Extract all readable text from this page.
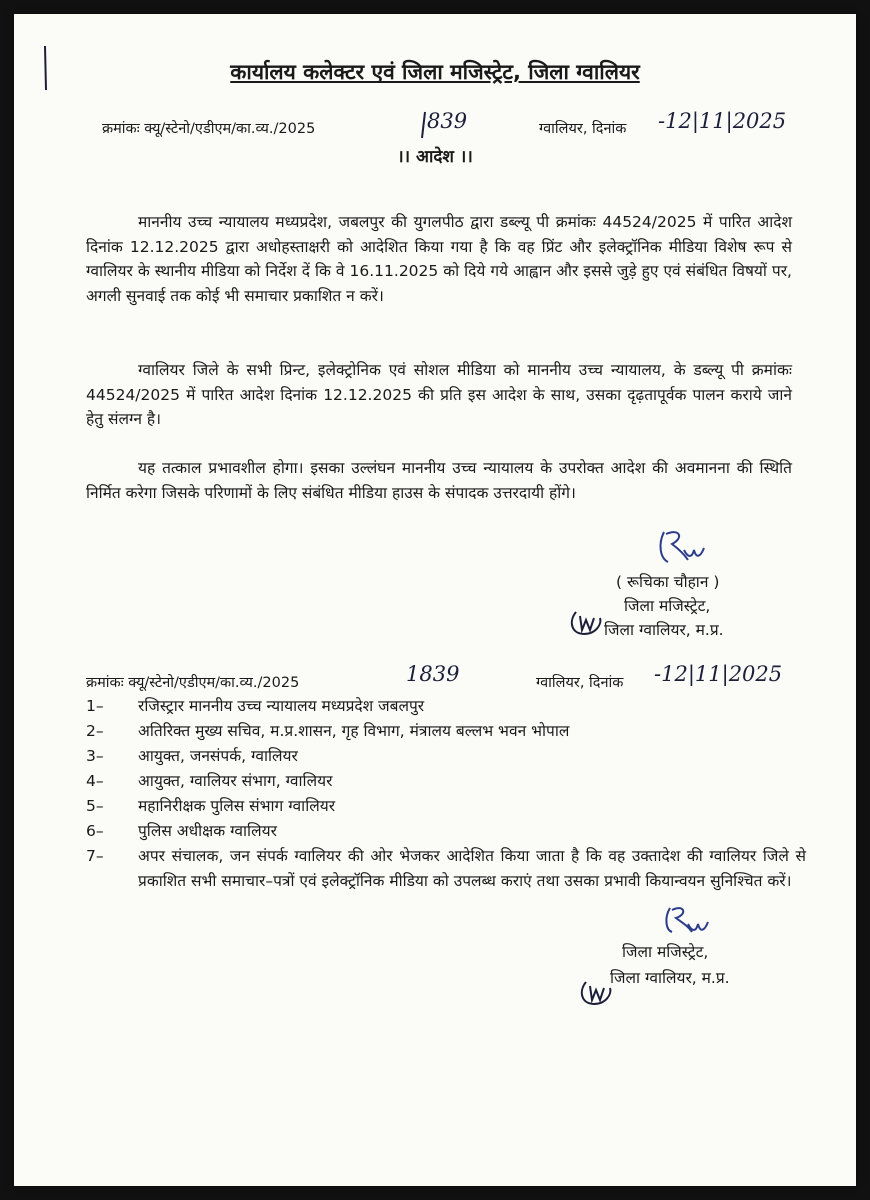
कार्यालय कलेक्टर एवं जिला मजिस्ट्रेट, जिला ग्वालियर
क्रमांकः क्यू/स्टेनो/एडीएम/का.व्य./2025	839	ग्वालियर, दिनांक -12|11|2025
।। आदेश ।।
माननीय उच्च न्यायालय मध्यप्रदेश, जबलपुर की युगलपीठ द्वारा डब्ल्यू पी क्रमांकः 44524/2025 में पारित आदेश दिनांक 12.12.2025 द्वारा अधोहस्ताक्षरी को आदेशित किया गया है कि वह प्रिंट और इलेक्ट्रॉनिक मीडिया विशेष रूप से ग्वालियर के स्थानीय मीडिया को निर्देश दें कि वे 16.11.2025 को दिये गये आह्वान और इससे जुड़े हुए एवं संबंधित विषयों पर, अगली सुनवाई तक कोई भी समाचार प्रकाशित न करें।
ग्वालियर जिले के सभी प्रिन्ट, इलेक्ट्रोनिक एवं सोशल मीडिया को माननीय उच्च न्यायालय, के डब्ल्यू पी क्रमांकः 44524/2025 में पारित आदेश दिनांक 12.12.2025 की प्रति इस आदेश के साथ, उसका दृढ़तापूर्वक पालन कराये जाने हेतु संलग्न है।
यह तत्काल प्रभावशील होगा। इसका उल्लंघन माननीय उच्च न्यायालय के उपरोक्त आदेश की अवमानना की स्थिति निर्मित करेगा जिसके परिणामों के लिए संबंधित मीडिया हाउस के संपादक उत्तरदायी होंगे।
( रूचिका चौहान )
जिला मजिस्ट्रेट,
जिला ग्वालियर, म.प्र.
क्रमांकः क्यू/स्टेनो/एडीएम/का.व्य./2025	1839	ग्वालियर, दिनांक -12|11|2025
1–	रजिस्ट्रार माननीय उच्च न्यायालय मध्यप्रदेश जबलपुर
2–	अतिरिक्त मुख्य सचिव, म.प्र.शासन, गृह विभाग, मंत्रालय बल्लभ भवन भोपाल
3–	आयुक्त, जनसंपर्क, ग्वालियर
4–	आयुक्त, ग्वालियर संभाग, ग्वालियर
5–	महानिरीक्षक पुलिस संभाग ग्वालियर
6–	पुलिस अधीक्षक ग्वालियर
7–	अपर संचालक, जन संपर्क ग्वालियर की ओर भेजकर आदेशित किया जाता है कि वह उक्तादेश की ग्वालियर जिले से प्रकाशित सभी समाचार–पत्रों एवं इलेक्ट्रॉनिक मीडिया को उपलब्ध कराएं तथा उसका प्रभावी कियान्वयन सुनिश्चित करें।
जिला मजिस्ट्रेट,
जिला ग्वालियर, म.प्र.
